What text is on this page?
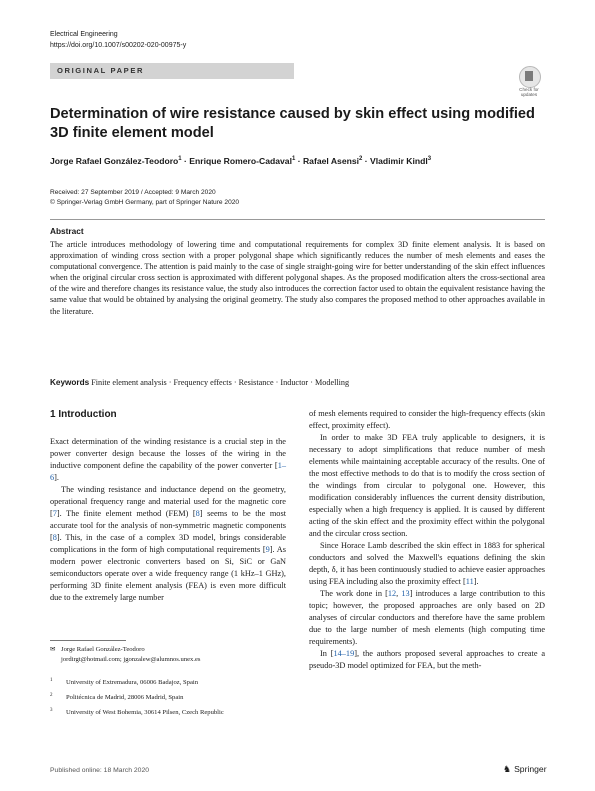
Electrical Engineering
https://doi.org/10.1007/s00202-020-00975-y
ORIGINAL PAPER
Check for
updates
Determination of wire resistance caused by skin effect using modified
3D finite element model
Jorge Rafael González-Teodoro$^1$ · Enrique Romero-Cadaval$^1$ · Rafael Asensi$^2$ · Vladimir Kindl$^3$
Received: 27 September 2019 / Accepted: 9 March 2020
© Springer-Verlag GmbH Germany, part of Springer Nature 2020
Abstract
The article introduces methodology of lowering time and computational requirements for complex 3D finite element analysis. It is based on approximation of winding cross section with a proper polygonal shape which significantly reduces the number of mesh elements and eases the computational convergence. The attention is paid mainly to the case of single straight-going wire for better understanding of the skin effect influences when the original circular cross section is approximated with different polygonal shapes. As the proposed modification alters the cross-sectional area of the wire and therefore changes its resistance value, the study also introduces the correction factor used to obtain the equivalent resistance having the same value that would be obtained by analysing the original geometry. The study also compares the proposed method to other approaches available in the literature.
Keywords Finite element analysis · Frequency effects · Resistance · Inductor · Modelling
1 Introduction

Exact determination of the winding resistance is a crucial step in the power converter design because the losses of the wiring in the inductive component define the capability of the power converter [1–6].

The winding resistance and inductance depend on the geometry, operational frequency range and material used for the magnetic core [7]. The finite element method (FEM) [8] seems to be the most accurate tool for the analysis of non-symmetric magnetic components [8]. This, in the case of a complex 3D model, brings considerable complications in the form of high computational requirements [9]. As modern power electronic converters based on Si, SiC or GaN semiconductors operate over a wide frequency range (1 kHz–1 GHz), performing 3D finite element analysis (FEA) is even more difficult due to the extremely large number

of mesh elements required to consider the high-frequency effects (skin effect, proximity effect).

In order to make 3D FEA truly applicable to designers, it is necessary to adopt simplifications that reduce number of mesh elements while maintaining acceptable accuracy of the results. One of the most effective methods to do that is to modify the cross section of the windings from circular to polygonal one. However, this modification considerably influences the current density distribution, especially when a high frequency is applied. It is caused by different acting of the skin effect and the proximity effect within the polygonal and the circular cross section.

Since Horace Lamb described the skin effect in 1883 for spherical conductors and solved the Maxwell's equations defining the skin depth, δ, it has been continuously studied to achieve easier approaches using FEA including also the proximity effect [11].

The work done in [12, 13] introduces a large contribution to this topic; however, the proposed approaches are only based on 2D analyses of circular conductors and therefore have the same problem due to the large number of mesh elements (high computing time requirements).

In [14–19], the authors proposed several approaches to create a pseudo-3D model optimized for FEA, but the meth-

✉ Jorge Rafael González-Teodoro
jordirgt@hotmail.com; jgonzalew@alumnos.unex.es
1 University of Extremadura, 06006 Badajoz, Spain
2 Politécnica de Madrid, 28006 Madrid, Spain
3 University of West Bohemia, 30614 Pilsen, Czech Republic
Published online: 18 March 2020	♞ Springer
